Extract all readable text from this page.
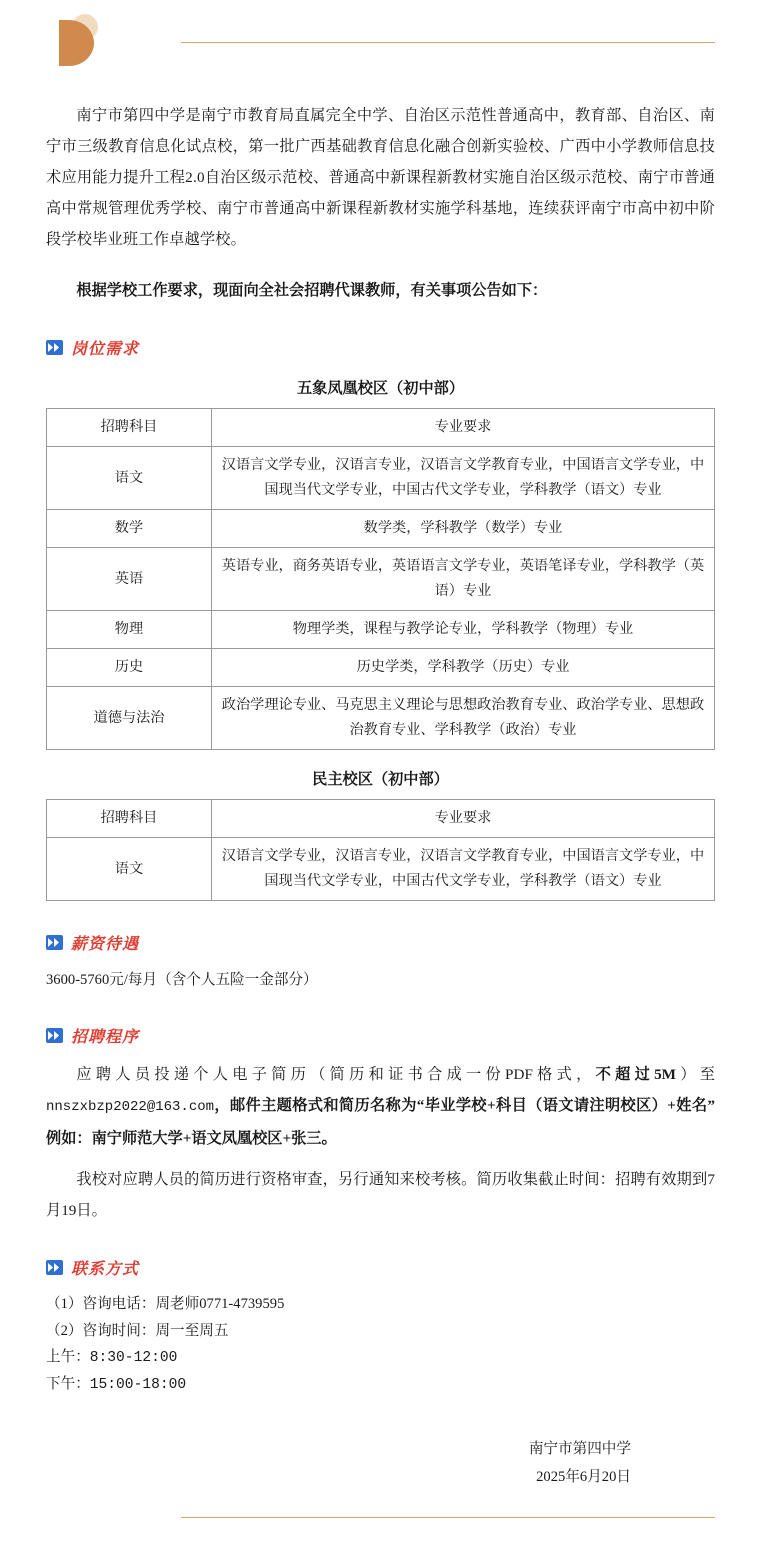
南宁市第四中学是南宁市教育局直属完全中学、自治区示范性普通高中，教育部、自治区、南宁市三级教育信息化试点校，第一批广西基础教育信息化融合创新实验校、广西中小学教师信息技术应用能力提升工程2.0自治区级示范校、普通高中新课程新教材实施自治区级示范校、南宁市普通高中常规管理优秀学校、南宁市普通高中新课程新教材实施学科基地，连续获评南宁市高中初中阶段学校毕业班工作卓越学校。

根据学校工作要求，现面向全社会招聘代课教师，有关事项公告如下：

岗位需求
五象凤凰校区（初中部）
招聘科目	专业要求
语文	汉语言文学专业，汉语言专业，汉语言文学教育专业，中国语言文学专业，中国现当代文学专业，中国古代文学专业，学科教学（语文）专业
数学	数学类，学科教学（数学）专业
英语	英语专业，商务英语专业，英语语言文学专业，英语笔译专业，学科教学（英语）专业
物理	物理学类，课程与教学论专业，学科教学（物理）专业
历史	历史学类，学科教学（历史）专业
道德与法治	政治学理论专业、马克思主义理论与思想政治教育专业、政治学专业、思想政治教育专业、学科教学（政治）专业
民主校区（初中部）
招聘科目	专业要求
语文	汉语言文学专业，汉语言专业，汉语言文学教育专业，中国语言文学专业，中国现当代文学专业，中国古代文学专业，学科教学（语文）专业
薪资待遇

3600-5760元/每月（含个人五险一金部分）

招聘程序

应聘人员投递个人电子简历（简历和证书合成一份PDF格式，不超过5M）至nnszxbzp2022@163.com，邮件主题格式和简历名称为“毕业学校+科目（语文请注明校区）+姓名”例如：南宁师范大学+语文凤凰校区+张三。

我校对应聘人员的简历进行资格审查，另行通知来校考核。简历收集截止时间：招聘有效期到7月19日。

联系方式

（1）咨询电话：周老师0771-4739595

（2）咨询时间：周一至周五

上午：8:30-12:00

下午：15:00-18:00

南宁市第四中学
2025年6月20日
